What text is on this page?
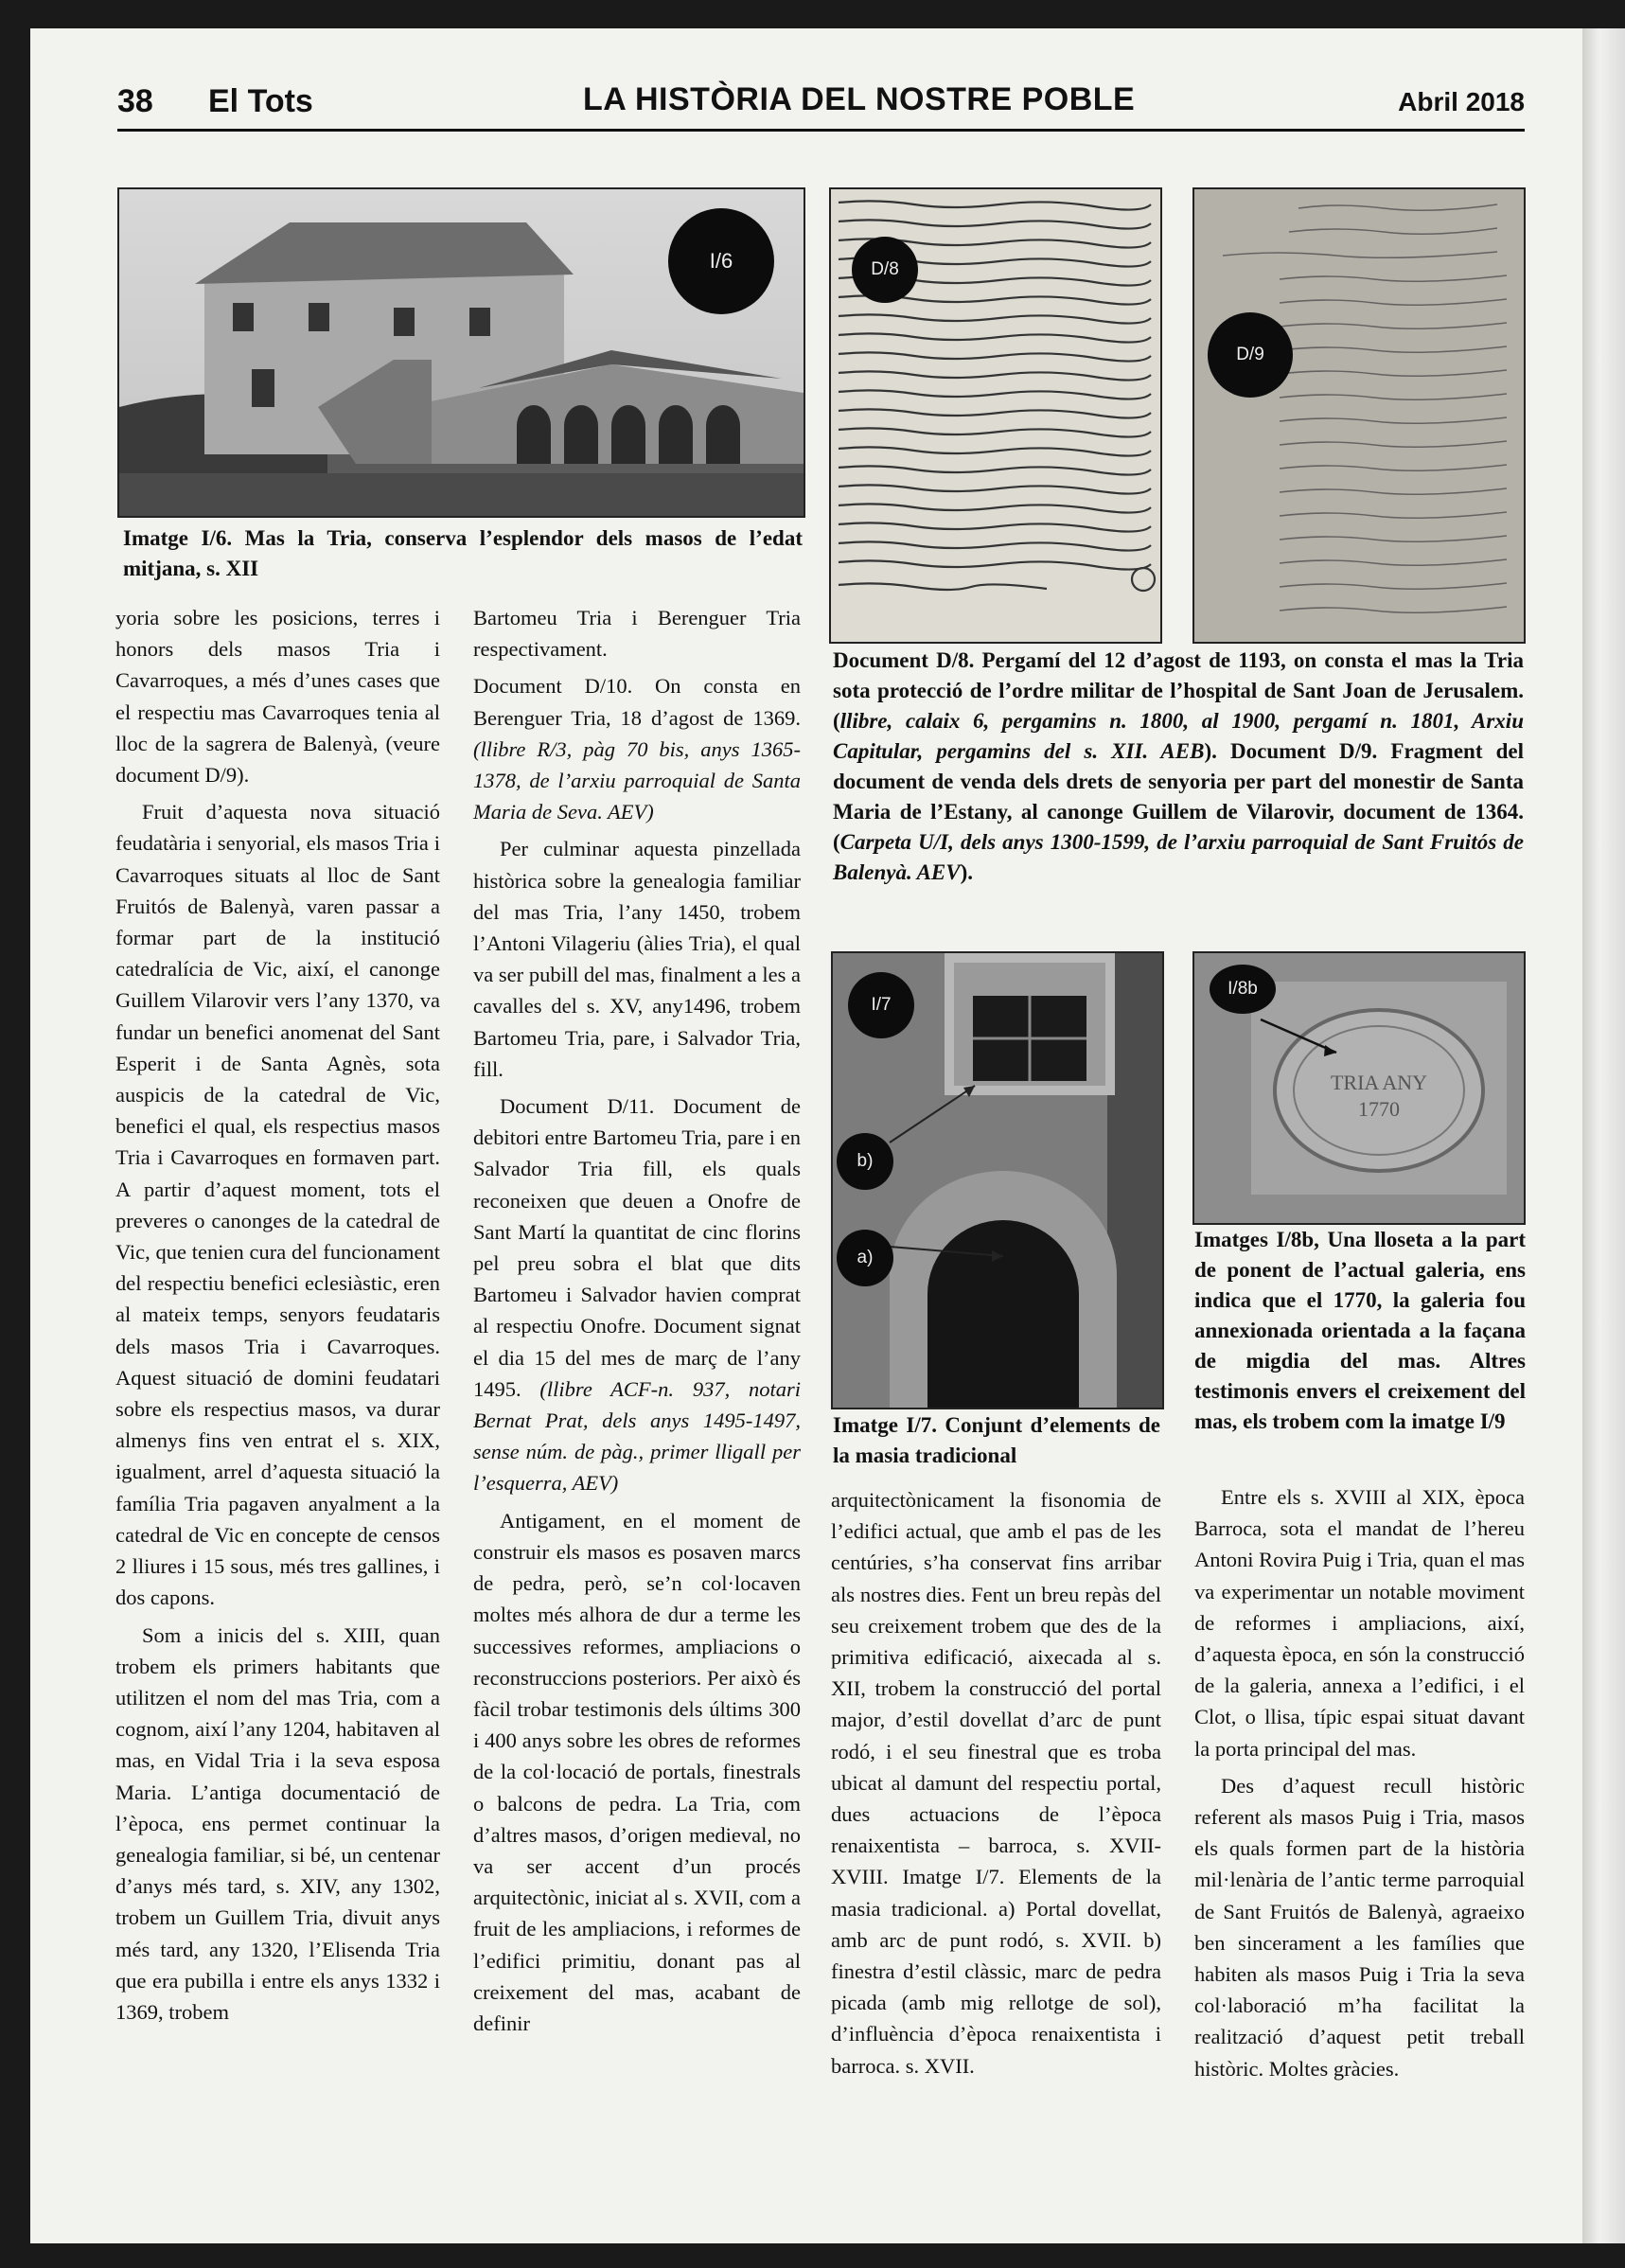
38 El Tots	LA HISTÒRIA DEL NOSTRE POBLE	Abril 2018
I/6
Imatge I/6. Mas la Tria, conserva l’esplendor dels masos de l’edat mitjana, s. XII
D/8
D/9
Document D/8. Pergamí del 12 d’agost de 1193, on consta el mas la Tria sota protecció de l’ordre militar de l’hospital de Sant Joan de Jerusalem. (llibre, calaix 6, pergamins n. 1800, al 1900, pergamí n. 1801, Arxiu Capitular, pergamins del s. XII. AEB). Document D/9. Fragment del document de venda dels drets de senyoria per part del monestir de Santa Maria de l’Estany, al canonge Guillem de Vilarovir, document de 1364. (Carpeta U/I, dels anys 1300-1599, de l’arxiu parroquial de Sant Fruitós de Balenyà. AEV).
I/7
b)
a)
Imatge I/7. Conjunt d’elements de la masia tradicional
TRIA ANY
1770
I/8b
Imatges I/8b, Una lloseta a la part de ponent de l’actual galeria, ens indica que el 1770, la galeria fou annexionada orientada a la façana de migdia del mas. Altres testimonis envers el creixement del mas, els trobem com la imatge I/9

yoria sobre les posicions, terres i honors dels masos Tria i Cavarroques, a més d’unes cases que el respectiu mas Cavarroques tenia al lloc de la sagrera de Balenyà, (veure document D/9).

Fruit d’aquesta nova situació feudatària i senyorial, els masos Tria i Cavarroques situats al lloc de Sant Fruitós de Balenyà, varen passar a formar part de la institució catedralícia de Vic, així, el canonge Guillem Vilarovir vers l’any 1370, va fundar un benefici anomenat del Sant Esperit i de Santa Agnès, sota auspicis de la catedral de Vic, benefici el qual, els respectius masos Tria i Cavarroques en formaven part. A partir d’aquest moment, tots el preveres o canonges de la catedral de Vic, que tenien cura del funcionament del respectiu benefici eclesiàstic, eren al mateix temps, senyors feudataris dels masos Tria i Cavarroques. Aquest situació de domini feudatari sobre els respectius masos, va durar almenys fins ven entrat el s. XIX, igualment, arrel d’aquesta situació la família Tria pagaven anyalment a la catedral de Vic en concepte de censos 2 lliures i 15 sous, més tres gallines, i dos capons.

Som a inicis del s. XIII, quan trobem els primers habitants que utilitzen el nom del mas Tria, com a cognom, així l’any 1204, habitaven al mas, en Vidal Tria i la seva esposa Maria. L’antiga documentació de l’època, ens permet continuar la genealogia familiar, si bé, un centenar d’anys més tard, s. XIV, any 1302, trobem un Guillem Tria, divuit anys més tard, any 1320, l’Elisenda Tria que era pubilla i entre els anys 1332 i 1369, trobem

Bartomeu Tria i Berenguer Tria respectivament.

Document D/10. On consta en Berenguer Tria, 18 d’agost de 1369. (llibre R/3, pàg 70 bis, anys 1365-1378, de l’arxiu parroquial de Santa Maria de Seva. AEV)

Per culminar aquesta pinzellada històrica sobre la genealogia familiar del mas Tria, l’any 1450, trobem l’Antoni Vilageriu (àlies Tria), el qual va ser pubill del mas, finalment a les a cavalles del s. XV, any1496, trobem Bartomeu Tria, pare, i Salvador Tria, fill.

Document D/11. Document de debitori entre Bartomeu Tria, pare i en Salvador Tria fill, els quals reconeixen que deuen a Onofre de Sant Martí la quantitat de cinc florins pel preu sobra el blat que dits Bartomeu i Salvador havien comprat al respectiu Onofre. Document signat el dia 15 del mes de març de l’any 1495. (llibre ACF-n. 937, notari Bernat Prat, dels anys 1495-1497, sense núm. de pàg., primer lligall per l’esquerra, AEV)

Antigament, en el moment de construir els masos es posaven marcs de pedra, però, se’n col·locaven moltes més alhora de dur a terme les successives reformes, ampliacions o reconstruccions posteriors. Per això és fàcil trobar testimonis dels últims 300 i 400 anys sobre les obres de reformes de la col·locació de portals, finestrals o balcons de pedra. La Tria, com d’altres masos, d’origen medieval, no va ser accent d’un procés arquitectònic, iniciat al s. XVII, com a fruit de les ampliacions, i reformes de l’edifici primitiu, donant pas al creixement del mas, acabant de definir

arquitectònicament la fisonomia de l’edifici actual, que amb el pas de les centúries, s’ha conservat fins arribar als nostres dies. Fent un breu repàs del seu creixement trobem que des de la primitiva edificació, aixecada al s. XII, trobem la construcció del portal major, d’estil dovellat d’arc de punt rodó, i el seu finestral que es troba ubicat al damunt del respectiu portal, dues actuacions de l’època renaixentista – barroca, s. XVII-XVIII. Imatge I/7. Elements de la masia tradicional. a) Portal dovellat, amb arc de punt rodó, s. XVII. b) finestra d’estil clàssic, marc de pedra picada (amb mig rellotge de sol), d’influència d’època renaixentista i barroca. s. XVII.

Entre els s. XVIII al XIX, època Barroca, sota el mandat de l’hereu Antoni Rovira Puig i Tria, quan el mas va experimentar un notable moviment de reformes i ampliacions, així, d’aquesta època, en són la construcció de la galeria, annexa a l’edifici, i el Clot, o llisa, típic espai situat davant la porta principal del mas.

Des d’aquest recull històric referent als masos Puig i Tria, masos els quals formen part de la història mil·lenària de l’antic terme parroquial de Sant Fruitós de Balenyà, agraeixo ben sincerament a les famílies que habiten als masos Puig i Tria la seva col·laboració m’ha facilitat la realització d’aquest petit treball històric. Moltes gràcies.
